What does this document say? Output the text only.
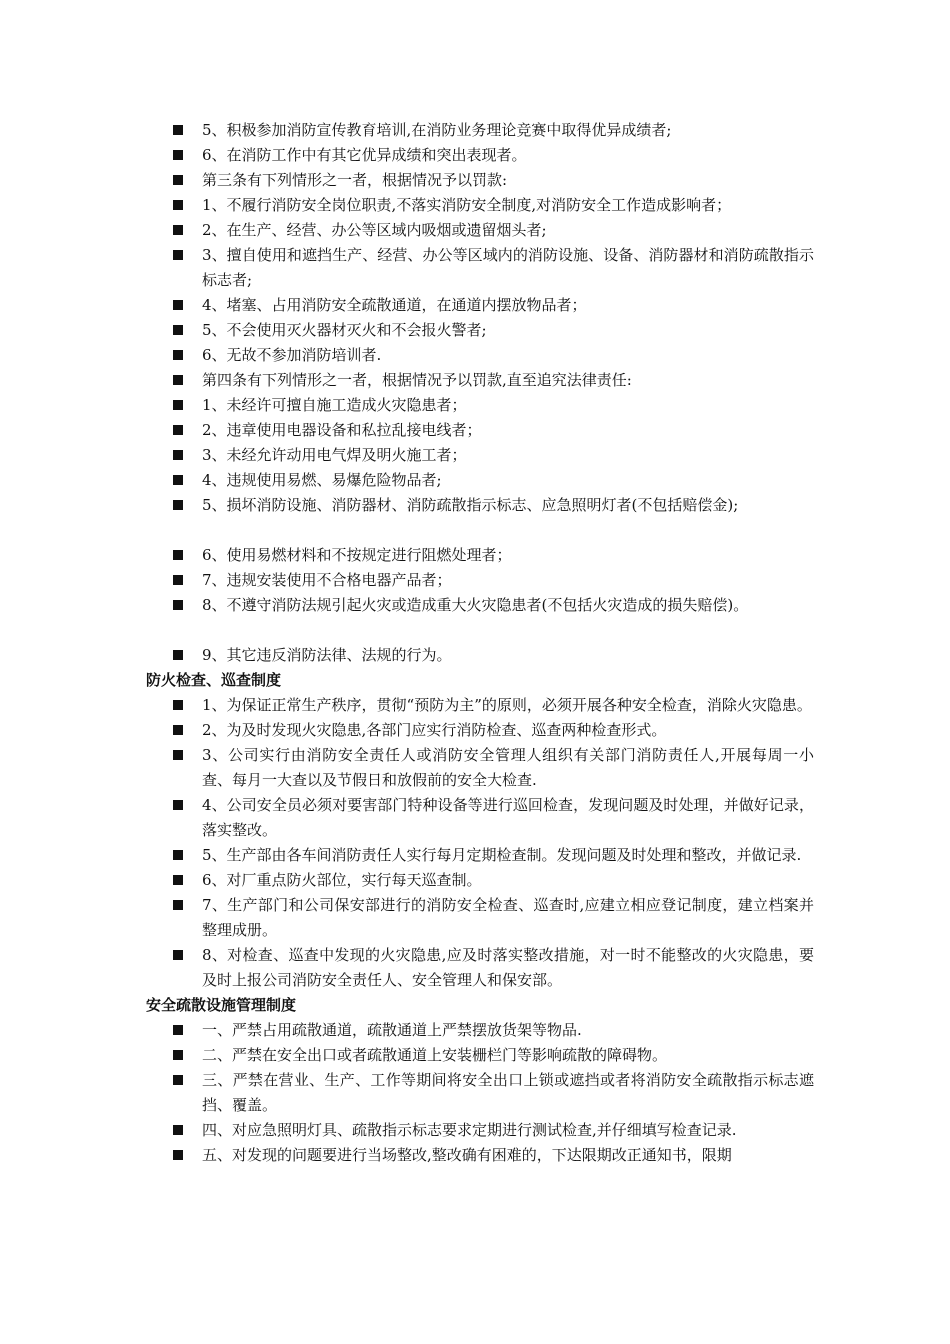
5、积极参加消防宣传教育培训,在消防业务理论竞赛中取得优异成绩者;
6、在消防工作中有其它优异成绩和突出表现者。
第三条有下列情形之一者，根据情况予以罚款:
1、不履行消防安全岗位职责,不落实消防安全制度,对消防安全工作造成影响者；
2、在生产、经营、办公等区域内吸烟或遗留烟头者;
3、擅自使用和遮挡生产、经营、办公等区域内的消防设施、设备、消防器材和消防疏散指示标志者;
4、堵塞、占用消防安全疏散通道，在通道内摆放物品者；
5、不会使用灭火器材灭火和不会报火警者;
6、无故不参加消防培训者.
第四条有下列情形之一者，根据情况予以罚款,直至追究法律责任:
1、未经许可擅自施工造成火灾隐患者；
2、违章使用电器设备和私拉乱接电线者；
3、未经允许动用电气焊及明火施工者；
4、违规使用易燃、易爆危险物品者;
5、损坏消防设施、消防器材、消防疏散指示标志、应急照明灯者(不包括赔偿金);
6、使用易燃材料和不按规定进行阻燃处理者；
7、违规安装使用不合格电器产品者；
8、不遵守消防法规引起火灾或造成重大火灾隐患者(不包括火灾造成的损失赔偿)。
9、其它违反消防法律、法规的行为。
防火检查、巡查制度
1、为保证正常生产秩序，贯彻“预防为主”的原则，必须开展各种安全检查，消除火灾隐患。
2、为及时发现火灾隐患,各部门应实行消防检查、巡查两种检查形式。
3、公司实行由消防安全责任人或消防安全管理人组织有关部门消防责任人,开展每周一小查、每月一大查以及节假日和放假前的安全大检查.
4、公司安全员必须对要害部门特种设备等进行巡回检查，发现问题及时处理，并做好记录，落实整改。
5、生产部由各车间消防责任人实行每月定期检查制。发现问题及时处理和整改，并做记录.
6、对厂重点防火部位，实行每天巡查制。
7、生产部门和公司保安部进行的消防安全检查、巡查时,应建立相应登记制度，建立档案并整理成册。
8、对检查、巡查中发现的火灾隐患,应及时落实整改措施，对一时不能整改的火灾隐患，要及时上报公司消防安全责任人、安全管理人和保安部。
安全疏散设施管理制度
一、严禁占用疏散通道，疏散通道上严禁摆放货架等物品.
二、严禁在安全出口或者疏散通道上安装栅栏门等影响疏散的障碍物。
三、严禁在营业、生产、工作等期间将安全出口上锁或遮挡或者将消防安全疏散指示标志遮挡、覆盖。
四、对应急照明灯具、疏散指示标志要求定期进行测试检查,并仔细填写检查记录.
五、对发现的问题要进行当场整改,整改确有困难的，下达限期改正通知书，限期
